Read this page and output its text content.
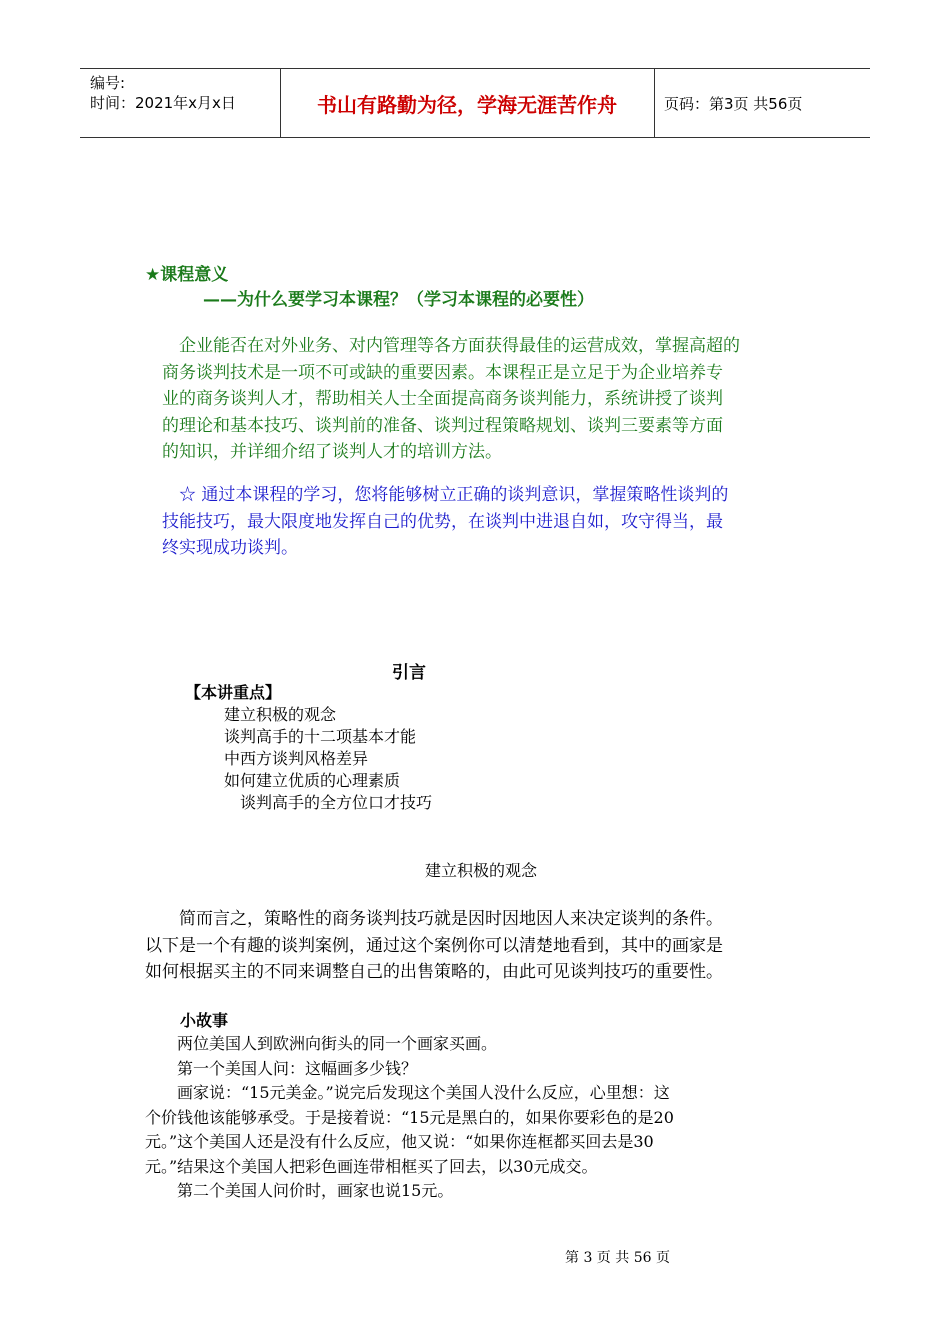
编号:
时间：2021年x月x日	书山有路勤为径，学海无涯苦作舟	页码：第3页 共56页
★课程意义
——为什么要学习本课程？（学习本课程的必要性）
　企业能否在对外业务、对内管理等各方面获得最佳的运营成效，掌握高超的
商务谈判技术是一项不可或缺的重要因素。本课程正是立足于为企业培养专
业的商务谈判人才，帮助相关人士全面提高商务谈判能力，系统讲授了谈判
的理论和基本技巧、谈判前的准备、谈判过程策略规划、谈判三要素等方面
的知识，并详细介绍了谈判人才的培训方法。
　☆ 通过本课程的学习，您将能够树立正确的谈判意识，掌握策略性谈判的
技能技巧，最大限度地发挥自己的优势，在谈判中进退自如，攻守得当，最
终实现成功谈判。
引言
【本讲重点】
建立积极的观念
谈判高手的十二项基本才能
中西方谈判风格差异
如何建立优质的心理素质
谈判高手的全方位口才技巧
建立积极的观念
　　简而言之，策略性的商务谈判技巧就是因时因地因人来决定谈判的条件。
以下是一个有趣的谈判案例，通过这个案例你可以清楚地看到，其中的画家是
如何根据买主的不同来调整自己的出售策略的，由此可见谈判技巧的重要性。
小故事
　　两位美国人到欧洲向街头的同一个画家买画。
　　第一个美国人问：这幅画多少钱？
　　画家说：“15元美金。”说完后发现这个美国人没什么反应，心里想：这
个价钱他该能够承受。于是接着说：“15元是黑白的，如果你要彩色的是20
元。”这个美国人还是没有什么反应，他又说：“如果你连框都买回去是30
元。”结果这个美国人把彩色画连带相框买了回去，以30元成交。
　　第二个美国人问价时，画家也说15元。
第 3 页 共 56 页
